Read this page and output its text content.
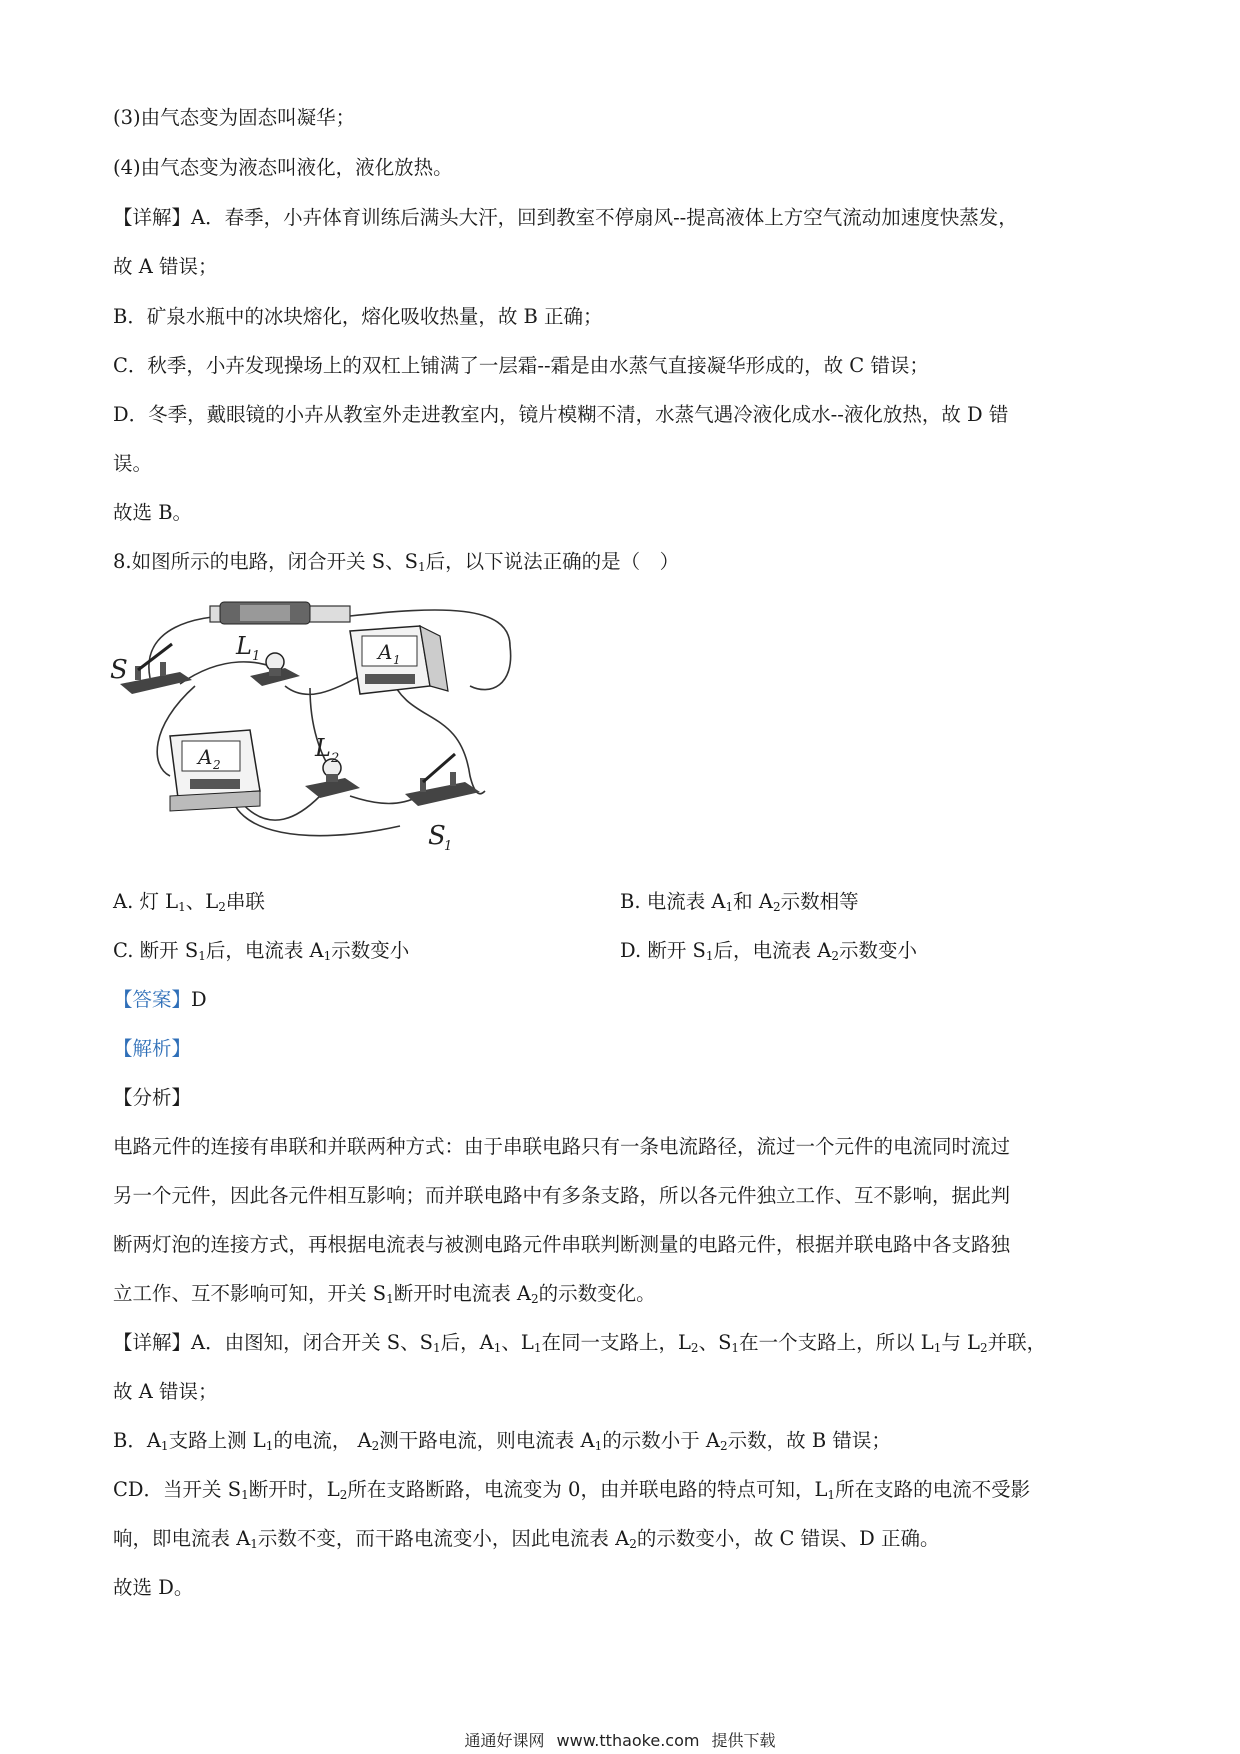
(3)由气态变为固态叫凝华；
(4)由气态变为液态叫液化，液化放热。
【详解】A．春季，小卉体育训练后满头大汗，回到教室不停扇风--提高液体上方空气流动加速度快蒸发，
故 A 错误；
B．矿泉水瓶中的冰块熔化，熔化吸收热量，故 B 正确；
C．秋季，小卉发现操场上的双杠上铺满了一层霜--霜是由水蒸气直接凝华形成的，故 C 错误；
D．冬季，戴眼镜的小卉从教室外走进教室内，镜片模糊不清，水蒸气遇冷液化成水--液化放热，故 D 错
误。
故选 B。
8.如图所示的电路，闭合开关 S、$S_1$后，以下说法正确的是（　）
S
L 1
L 2
A 1
A 2
S
1
A. 灯 $L_1$、$L_2$串联	B. 电流表 $A_1$和 $A_2$示数相等
C. 断开 $S_1$后，电流表 $A_1$示数变小	D. 断开 $S_1$后，电流表 $A_2$示数变小
【答案】D
【解析】
【分析】
电路元件的连接有串联和并联两种方式：由于串联电路只有一条电流路径，流过一个元件的电流同时流过
另一个元件，因此各元件相互影响；而并联电路中有多条支路，所以各元件独立工作、互不影响，据此判
断两灯泡的连接方式，再根据电流表与被测电路元件串联判断测量的电路元件，根据并联电路中各支路独
立工作、互不影响可知，开关 $S_1$断开时电流表 $A_2$的示数变化。
【详解】A．由图知，闭合开关 S、$S_1$后，$A_1$、$L_1$在同一支路上，$L_2$、$S_1$在一个支路上，所以 $L_1$与 $L_2$并联，
故 A 错误；
B．$A_1$支路上测 $L_1$的电流， $A_2$测干路电流，则电流表 $A_1$的示数小于 $A_2$示数，故 B 错误；
CD．当开关 $S_1$断开时，$L_2$所在支路断路，电流变为 0，由并联电路的特点可知，$L_1$所在支路的电流不受影
响，即电流表 $A_1$示数不变，而干路电流变小，因此电流表 $A_2$的示数变小，故 C 错误、D 正确。
故选 D。
通通好课网 www.tthaoke.com 提供下载
